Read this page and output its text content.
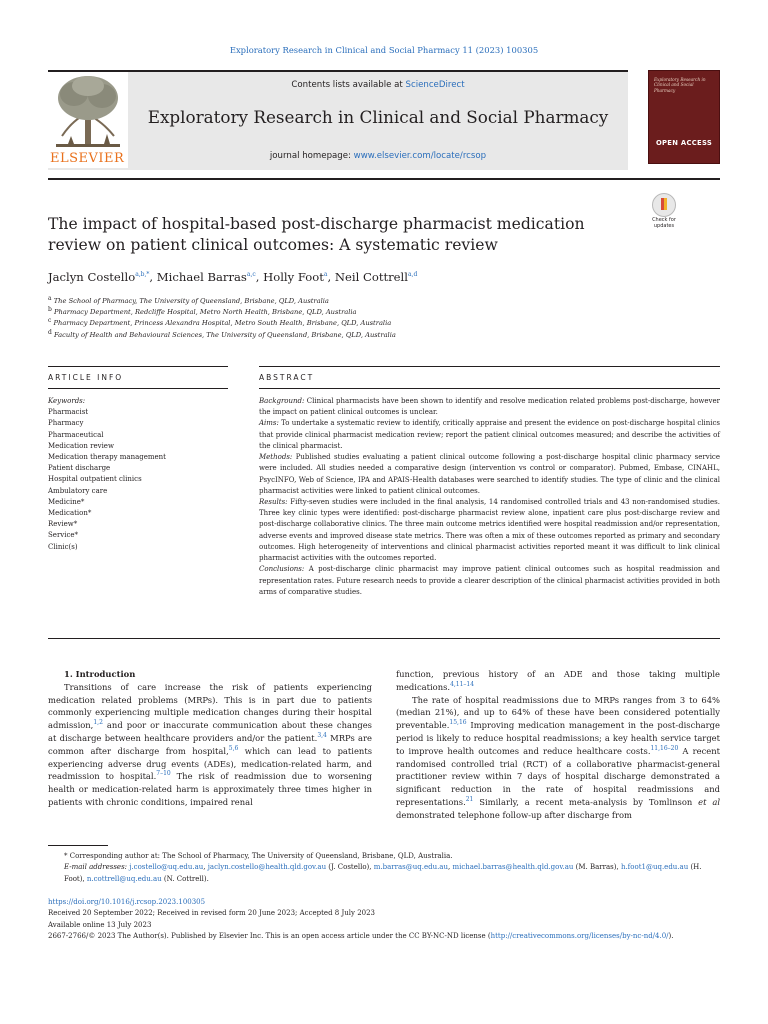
Exploratory Research in Clinical and Social Pharmacy 11 (2023) 100305
ELSEVIER
Contents lists available at ScienceDirect
Exploratory Research in Clinical and Social Pharmacy
journal homepage: www.elsevier.com/locate/rcsop
Exploratory Research in Clinical and Social Pharmacy
OPEN ACCESS
The impact of hospital-based post-discharge pharmacist medication review on patient clinical outcomes: A systematic review
Check for
updates
Jaclyn Costello$^{a,b,*}$, Michael Barras$^{a,c}$, Holly Foot$^a$, Neil Cottrell$^{a,d}$
$^a$ The School of Pharmacy, The University of Queensland, Brisbane, QLD, Australia
$^b$ Pharmacy Department, Redcliffe Hospital, Metro North Health, Brisbane, QLD, Australia
$^c$ Pharmacy Department, Princess Alexandra Hospital, Metro South Health, Brisbane, QLD, Australia
$^d$ Faculty of Health and Behavioural Sciences, The University of Queensland, Brisbane, QLD, Australia
ARTICLE INFO	ABSTRACT
Keywords:
Pharmacist
Pharmacy
Pharmaceutical
Medication review
Medication therapy management
Patient discharge
Hospital outpatient clinics
Ambulatory care
Medicine*
Medication*
Review*
Service*
Clinic(s)

Background: Clinical pharmacists have been shown to identify and resolve medication related problems post-discharge, however the impact on patient clinical outcomes is unclear.

Aims: To undertake a systematic review to identify, critically appraise and present the evidence on post-discharge hospital clinics that provide clinical pharmacist medication review; report the patient clinical outcomes measured; and describe the activities of the clinical pharmacist.

Methods: Published studies evaluating a patient clinical outcome following a post-discharge hospital clinic pharmacy service were included. All studies needed a comparative design (intervention vs control or comparator). Pubmed, Embase, CINAHL, PsycINFO, Web of Science, IPA and APAIS-Health databases were searched to identify studies. The type of clinic and the clinical pharmacist activities were linked to patient clinical outcomes.

Results: Fifty-seven studies were included in the final analysis, 14 randomised controlled trials and 43 non-randomised studies. Three key clinic types were identified: post-discharge pharmacist review alone, inpatient care plus post-discharge review and post-discharge collaborative clinics. The three main outcome metrics identified were hospital readmission and/or representation, adverse events and improved disease state metrics. There was often a mix of these outcomes reported as primary and secondary outcomes. High heterogeneity of interventions and clinical pharmacist activities reported meant it was difficult to link clinical pharmacist activities with the outcomes reported.

Conclusions: A post-discharge clinic pharmacist may improve patient clinical outcomes such as hospital readmission and representation rates. Future research needs to provide a clearer description of the clinical pharmacist activities provided in both arms of comparative studies.

1. Introduction

Transitions of care increase the risk of patients experiencing medication related problems (MRPs). This is in part due to patients commonly experiencing multiple medication changes during their hospital admission,$^{1,2}$ and poor or inaccurate communication about these changes at discharge between healthcare providers and/or the patient.$^{3,4}$ MRPs are common after discharge from hospital,$^{5,6}$ which can lead to patients experiencing adverse drug events (ADEs), medication-related harm, and readmission to hospital.$^{7-10}$ The risk of readmission due to worsening health or medication-related harm is approximately three times higher in patients with chronic conditions, impaired renal

function, previous history of an ADE and those taking multiple medications.$^{4,11-14}$

The rate of hospital readmissions due to MRPs ranges from 3 to 64% (median 21%), and up to 64% of these have been considered potentially preventable.$^{15,16}$ Improving medication management in the post-discharge period is likely to reduce hospital readmissions; a key health service target to improve health outcomes and reduce healthcare costs.$^{11,16-20}$ A recent randomised controlled trial (RCT) of a collaborative pharmacist-general practitioner review within 7 days of hospital discharge demonstrated a significant reduction in the rate of hospital readmissions and representations.$^{21}$ Similarly, a recent meta-analysis by Tomlinson et al demonstrated telephone follow-up after discharge from

* Corresponding author at: The School of Pharmacy, The University of Queensland, Brisbane, QLD, Australia.
E-mail addresses: j.costello@uq.edu.au, jaclyn.costello@health.qld.gov.au (J. Costello), m.barras@uq.edu.au, michael.barras@health.qld.gov.au (M. Barras), h.foot1@uq.edu.au (H. Foot), n.cottrell@uq.edu.au (N. Cottrell).
https://doi.org/10.1016/j.rcsop.2023.100305
Received 20 September 2022; Received in revised form 20 June 2023; Accepted 8 July 2023
Available online 13 July 2023
2667-2766/© 2023 The Author(s). Published by Elsevier Inc. This is an open access article under the CC BY-NC-ND license (http://creativecommons.org/licenses/by-nc-nd/4.0/).
